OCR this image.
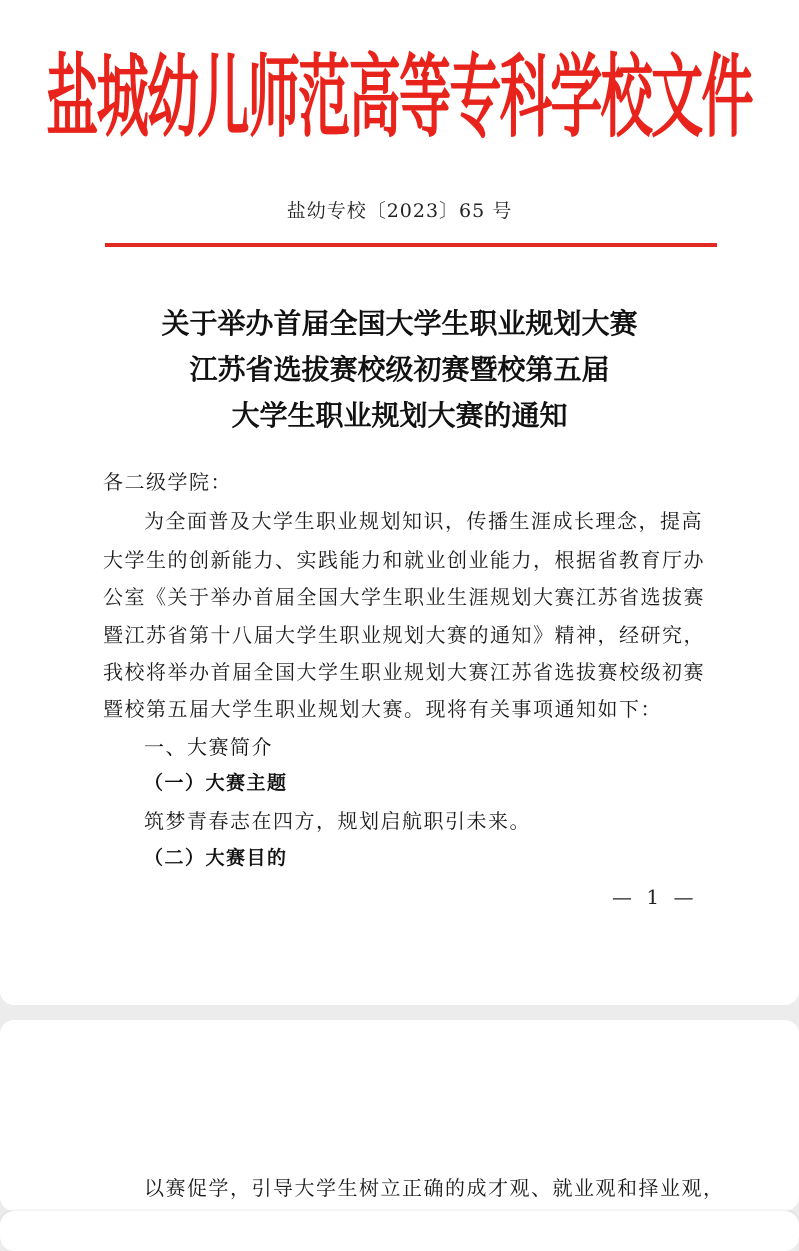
盐城幼儿师范高等专科学校文件
盐幼专校〔2023〕65 号
关于举办首届全国大学生职业规划大赛
江苏省选拔赛校级初赛暨校第五届
大学生职业规划大赛的通知
各二级学院：
为全面普及大学生职业规划知识，传播生涯成长理念，提高
大学生的创新能力、实践能力和就业创业能力，根据省教育厅办
公室《关于举办首届全国大学生职业生涯规划大赛江苏省选拔赛
暨江苏省第十八届大学生职业规划大赛的通知》精神，经研究，
我校将举办首届全国大学生职业规划大赛江苏省选拔赛校级初赛
暨校第五届大学生职业规划大赛。现将有关事项通知如下：
一、大赛简介
（一）大赛主题
筑梦青春志在四方，规划启航职引未来。
（二）大赛目的
— 1 —
以赛促学，引导大学生树立正确的成才观、就业观和择业观，
